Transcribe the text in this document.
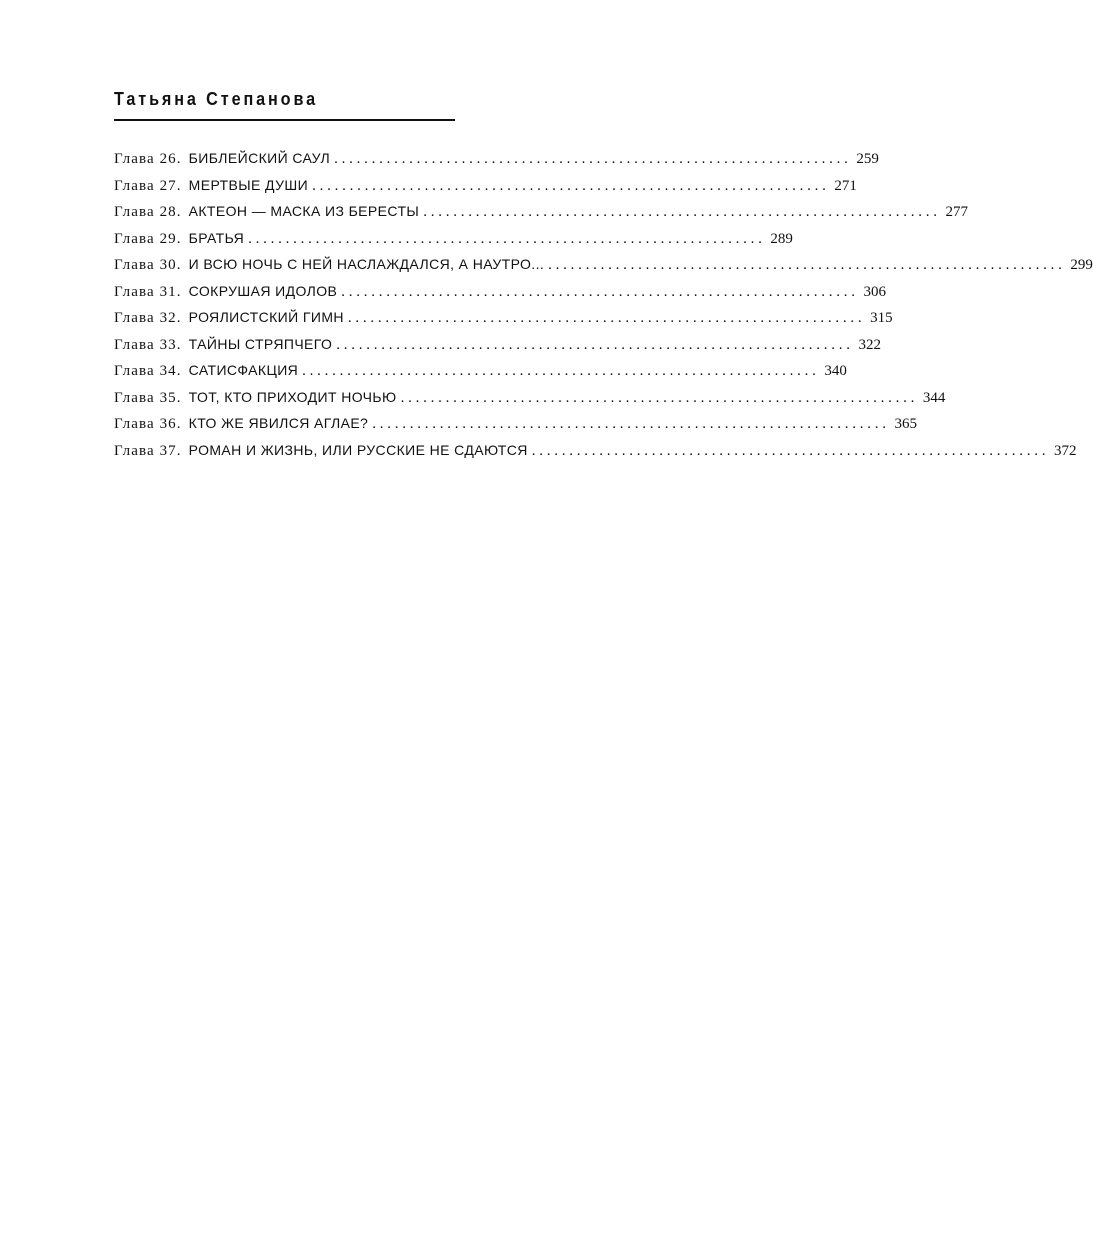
Татьяна Степанова
Глава 26. БИБЛЕЙСКИЙ САУЛ . . .	259
Глава 27. МЕРТВЫЕ ДУШИ . . .	271
Глава 28. АКТЕОН — МАСКА ИЗ БЕРЕСТЫ . . .	277
Глава 29. БРАТЬЯ . . .	289
Глава 30. И ВСЮ НОЧЬ С НЕЙ НАСЛАЖДАЛСЯ, А НАУТРО... . . .	299
Глава 31. СОКРУШАЯ ИДОЛОВ . . .	306
Глава 32. РОЯЛИСТСКИЙ ГИМН . . .	315
Глава 33. ТАЙНЫ СТРЯПЧЕГО . . .	322
Глава 34. САТИСФАКЦИЯ . . .	340
Глава 35. ТОТ, КТО ПРИХОДИТ НОЧЬЮ . . .	344
Глава 36. КТО ЖЕ ЯВИЛСЯ АГЛАЕ? . . .	365
Глава 37. РОМАН И ЖИЗНЬ, ИЛИ РУССКИЕ НЕ СДАЮТСЯ . . .	372
